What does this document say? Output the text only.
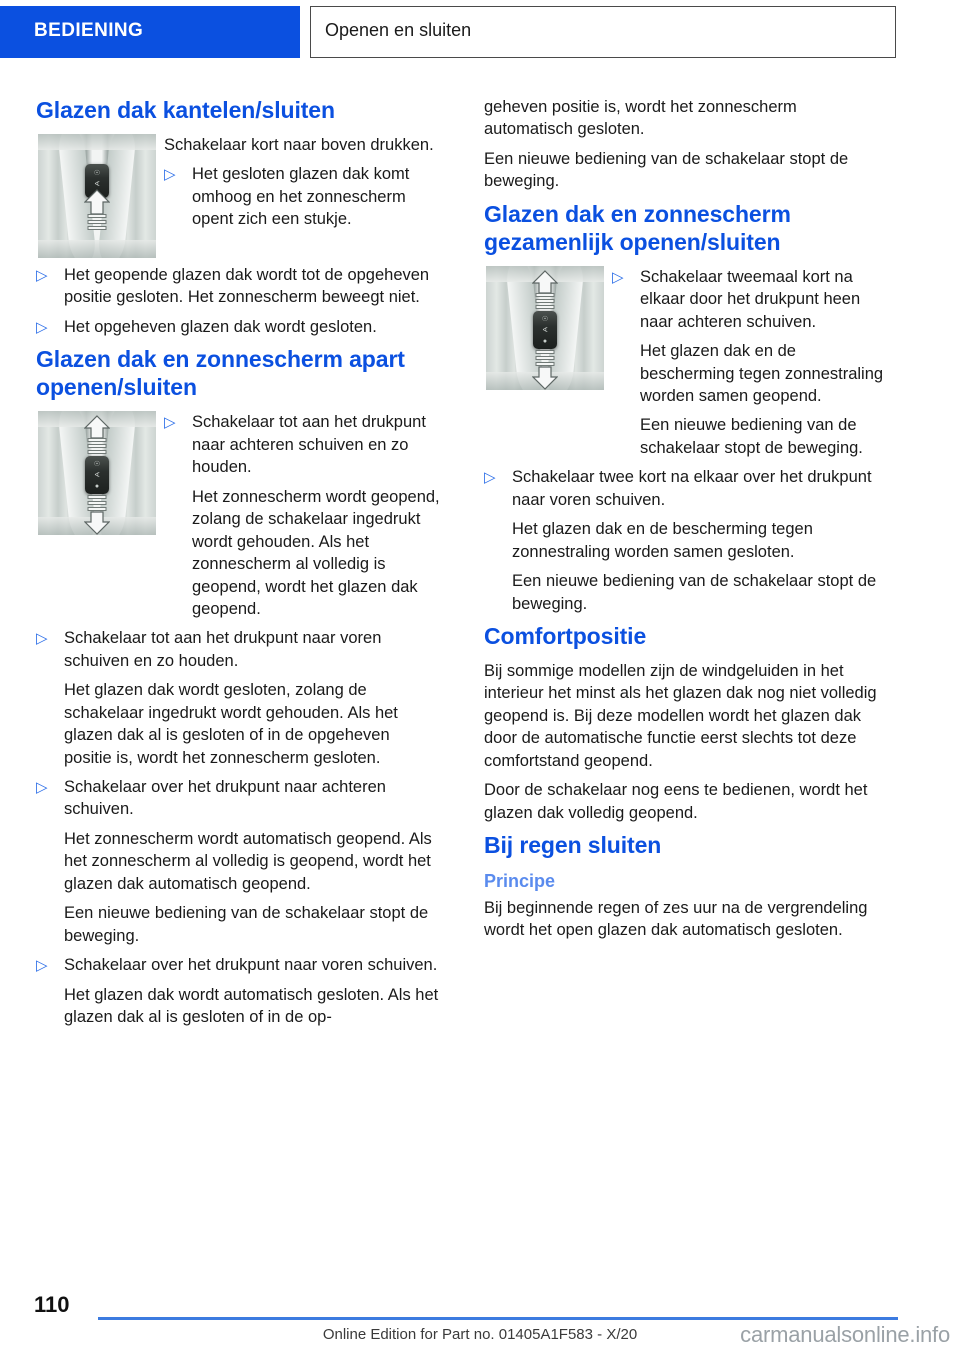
BEDIENING	Openen en sluiten
Glazen dak kantelen/sluiten
☉
∢

Schakelaar kort naar boven drukken.

▷ Het gesloten glazen dak komt omhoog en het zonnescherm opent zich een stukje.

▷ Het geopende glazen dak wordt tot de opgeheven positie gesloten. Het zonnescherm beweegt niet.

▷ Het opgeheven glazen dak wordt gesloten.

Glazen dak en zonnescherm apart openen/sluiten
☉
∢
●
▷ Schakelaar tot aan het drukpunt naar achteren schuiven en zo houden.

Het zonnescherm wordt geopend, zolang de schakelaar ingedrukt wordt gehouden. Als het zonnescherm al volledig is geopend, wordt het glazen dak geopend.

▷ Schakelaar tot aan het drukpunt naar voren schuiven en zo houden.

Het glazen dak wordt gesloten, zolang de schakelaar ingedrukt wordt gehouden. Als het glazen dak al is gesloten of in de opgeheven positie is, wordt het zonnescherm gesloten.

▷ Schakelaar over het drukpunt naar achteren schuiven.

Het zonnescherm wordt automatisch geopend. Als het zonnescherm al volledig is geopend, wordt het glazen dak automatisch geopend.

Een nieuwe bediening van de schakelaar stopt de beweging.

▷ Schakelaar over het drukpunt naar voren schuiven.

Het glazen dak wordt automatisch gesloten. Als het glazen dak al is gesloten of in de op-

geheven positie is, wordt het zonnescherm automatisch gesloten.

Een nieuwe bediening van de schakelaar stopt de beweging.

Glazen dak en zonnescherm gezamenlijk openen/sluiten
☉
∢
●
▷ Schakelaar tweemaal kort na elkaar door het drukpunt heen naar achteren schuiven.

Het glazen dak en de bescherming tegen zonnestraling worden samen geopend.

Een nieuwe bediening van de schakelaar stopt de beweging.

▷ Schakelaar twee kort na elkaar over het drukpunt naar voren schuiven.

Het glazen dak en de bescherming tegen zonnestraling worden samen gesloten.

Een nieuwe bediening van de schakelaar stopt de beweging.

Comfortpositie

Bij sommige modellen zijn de windgeluiden in het interieur het minst als het glazen dak nog niet volledig geopend is. Bij deze modellen wordt het glazen dak door de automatische functie eerst slechts tot deze comfortstand geopend.

Door de schakelaar nog eens te bedienen, wordt het glazen dak volledig geopend.

Bij regen sluiten
Principe

Bij beginnende regen of zes uur na de vergrendeling wordt het open glazen dak automatisch gesloten.

110
Online Edition for Part no. 01405A1F583 - X/20	carmanualsonline.info
